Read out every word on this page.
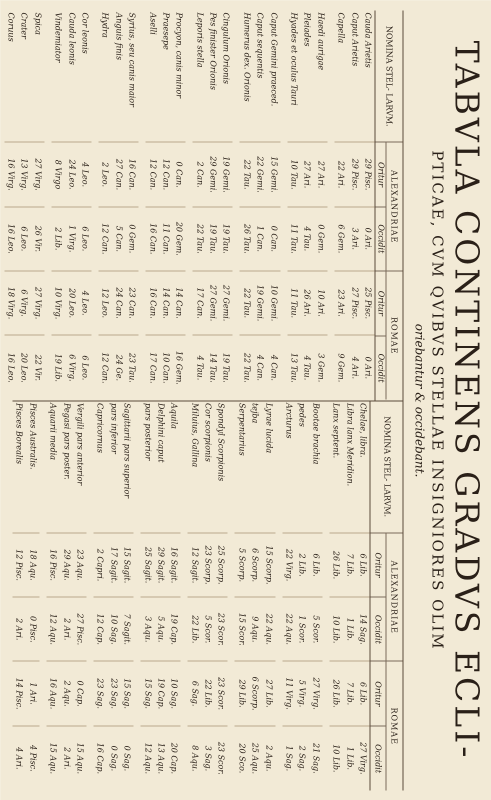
TABVLA CONTINENS GRADVS ECLI-
PTICAE, CVM QVIBVS STELLAE INSIGNIORES OLIM
oriebantur & occidebant.
NOMINA STEL- LARVM.
ALEXANDRIAE
Oritur
Occidit
ROMAE
Oritur
Occidit
Cauda Arietis
29 Pisc.
0 Ari.
25 Pisc.
0 Ari.
Caput Arietis
29 Pisc.
3 Ari.
27 Pisc.
4 Ari.
Capella
22 Ari.
6 Gem.
23 Ari.
9 Gem.
Haedi aurigae
27 Ari.
0 Gem.
10 Ari.
3 Gem.
Pleiades
27 Ari.
4 Tau.
26 Ari.
4 Tau.
Hyades et oculus Tauri
10 Tau.
11 Tau.
11 Tau.
13 Tau.
Caput Gemini praeced.
15 Gemi.
0 Can.
10 Gemi.
4 Can.
Caput sequentis
22 Gemi.
1 Can.
19 Gemi.
4 Can.
Humerus dex. Orionis
22 Tau.
26 Tau.
22 Tau.
22 Tau.
Cingulum Orionis
19 Gemi.
19 Tau.
27 Gemi.
19 Tau.
Pes finister Orionis
29 Gemi.
19 Tau.
27 Gemi.
14 Tau.
Leporis stella
2 Can.
22 Tau.
17 Can.
4 Tau.
Procyon, canis minor
0 Can.
20 Gem.
14 Can.
16 Gem.
Praesepe
12 Can.
11 Can.
14 Can.
10 Can.
Aselli
12 Can.
16 Can.
16 Can.
17 Can.
Syrius, seu canis maior
16 Can.
0 Gem.
23 Can.
23 Tau.
Anguis finis
27 Can.
5 Can.
24 Can.
24 Ge.
Hydra
2 Leo.
12 Can.
12 Leo.
12 Can.
Cor leonis
4 Leo.
6 Leo.
4 Leo.
6 Leo.
Cauda leonis
24 Leo.
1 Virg.
20 Leo.
6 Virg.
Vindemiator
8 Virgo
2 Lib.
10 Virg.
19 Lib.
Spica
27 Virg.
26 Vir.
27 Virg.
22 Vir.
Crater
13 Virg.
6 Leo.
6 Virg.
20 Leo.
Coruus
16 Virg.
16 Leo.
18 Virg.
16 Leo.
NOMINA STEL- LARVM.
ALEXANDRIAE
Oritur
Occidit
ROMAE
Oritur
Occidit
Chelae, libra.
6 Lib.
14 Sag.
6 Lib.
27 Virg.
Libra lanx Meridion.
7 Lib.
1 Lib.
7 Lib.
1 Lib.
Lanx septent.
26 Lib.
10 Lib.
26 Lib.
10 Lib.
Bootae brachia
6 Lib.
5 Scor.
27 Virg.
21 Sag.
pedes
2 Lib.
1 Scor.
5 Virg.
2 Sag.
Arcturus
22 Virg.
22 Aqu.
11 Virg.
1 Sag.
Lyrae lucida
15 Scorp.
22 Aqu.
27 Lib.
2 Aqu.
tejba
6 Scorp.
9 Aqu.
6 Scorp.
25 Aqu.
Serpentarius
5 Scorp.
15 Scor.
29 Lib.
20 Sco.
Spondyl Scorpionis
25 Scorp.
23 Scor.
23 Scor.
23 Scor.
Cor scorpionis
23 Scorp.
5 Scor.
22 Lib.
3 Sag.
Miluius, Gallina
12 Sagit.
22 Lib.
6 Sag.
8 Aqu.
Aquila
16 Sagit.
19 Cap.
10 Sag.
20 Cap.
Delphini caput
29 Sagit.
5 Aqu.
19 Cap.
13 Aqu.
pars posterior
25 Sagit.
3 Aqu.
15 Sag.
12 Aqu.
Sagittarii pars superior
15 Sagit.
7 Sagit.
15 Sag.
0 Sag.
pars inferior
17 Sagit.
10 Sag.
23 Sag.
0 Sag.
Capricornus
2 Capri.
12 Cap.
23 Sag.
16 Cap.
Vergili pars anterior
23 Aqu.
27 Pisc.
0 Cap.
15 Aqu.
Pegasi pars poster.
29 Aqu.
2 Ari.
2 Aqu.
2 Ari.
Aquarii media
16 Pisc.
12 Aqu.
16 Aqu.
15 Aqu.
Pisces Australis.
18 Aqu.
0 Pisc.
1 Ari.
4 Pisc.
Pisces Borealis
12 Pisc.
2 Ari.
14 Pisc.
4 Ari.
